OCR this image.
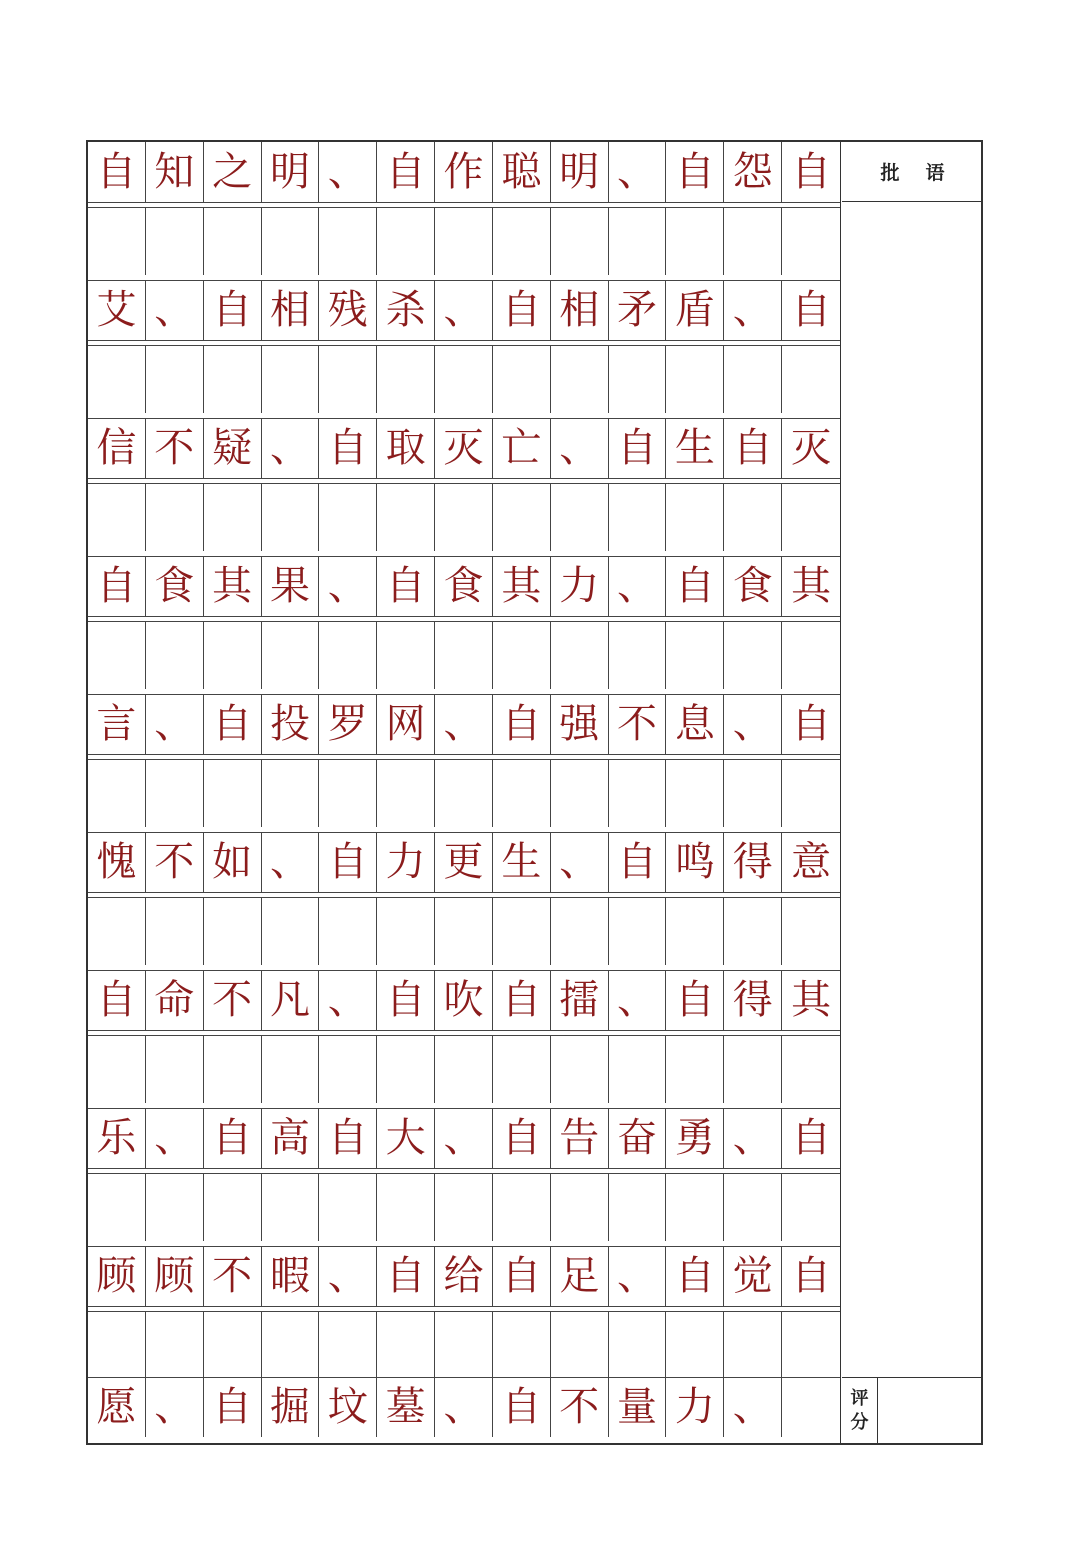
自 知 之 明 、 自 作 聪 明 、 自 怨 自
艾 、 自 相 残 杀 、 自 相 矛 盾 、 自
信 不 疑 、 自 取 灭 亡 、 自 生 自 灭
自 食 其 果 、 自 食 其 力 、 自 食 其
言 、 自 投 罗 网 、 自 强 不 息 、 自
愧 不 如 、 自 力 更 生 、 自 鸣 得 意
自 命 不 凡 、 自 吹 自 擂 、 自 得 其
乐 、 自 高 自 大 、 自 告 奋 勇 、 自
顾 顾 不 暇 、 自 给 自 足 、 自 觉 自
愿 、 自 掘 坟 墓 、 自 不 量 力 、
批语
评
分
